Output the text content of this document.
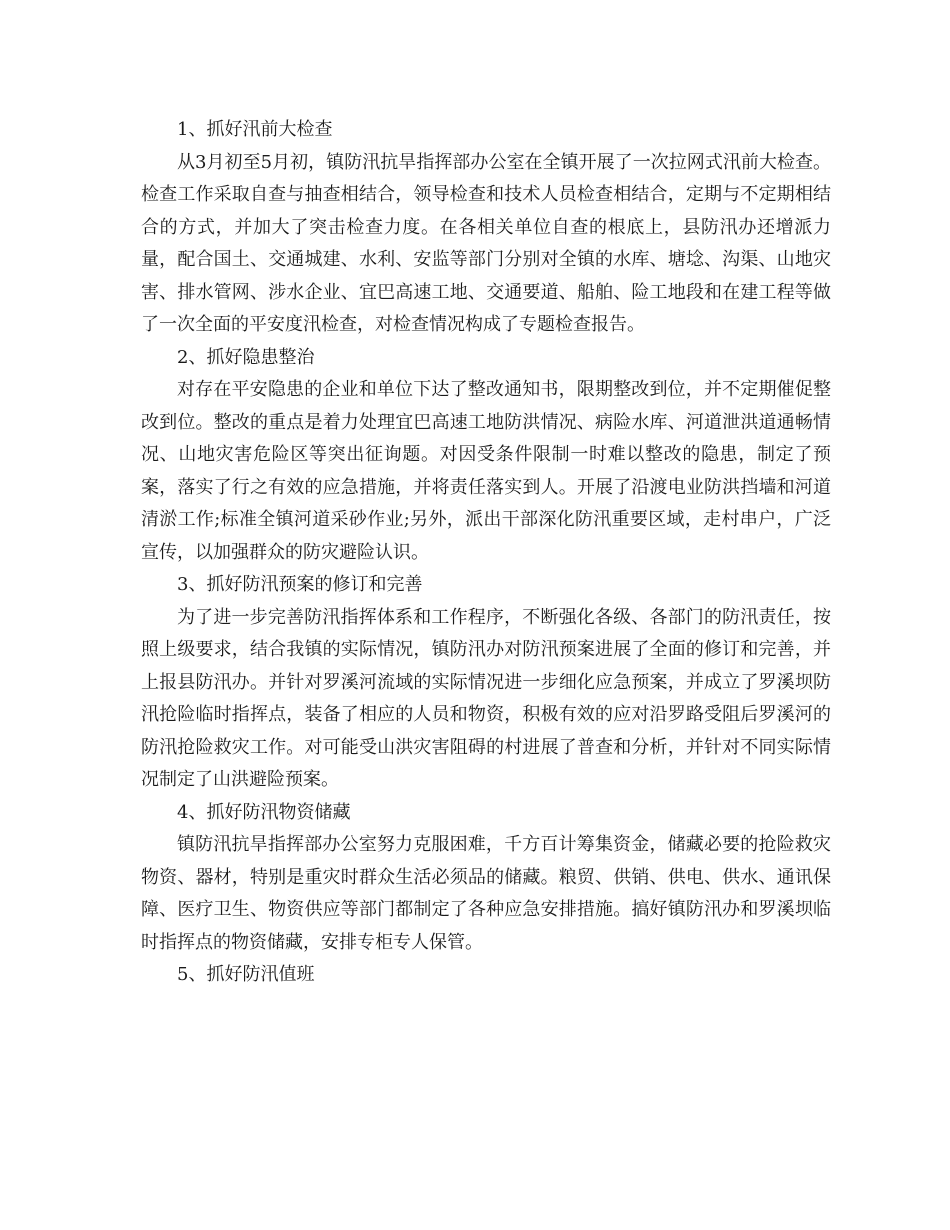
1、抓好汛前大检查

从3月初至5月初，镇防汛抗旱指挥部办公室在全镇开展了一次拉网式汛前大检查。检查工作采取自查与抽查相结合，领导检查和技术人员检查相结合，定期与不定期相结合的方式，并加大了突击检查力度。在各相关单位自查的根底上，县防汛办还增派力量，配合国土、交通城建、水利、安监等部门分别对全镇的水库、塘埝、沟渠、山地灾害、排水管网、涉水企业、宜巴高速工地、交通要道、船舶、险工地段和在建工程等做了一次全面的平安度汛检查，对检查情况构成了专题检查报告。

2、抓好隐患整治

对存在平安隐患的企业和单位下达了整改通知书，限期整改到位，并不定期催促整改到位。整改的重点是着力处理宜巴高速工地防洪情况、病险水库、河道泄洪道通畅情况、山地灾害危险区等突出征询题。对因受条件限制一时难以整改的隐患，制定了预案，落实了行之有效的应急措施，并将责任落实到人。开展了沿渡电业防洪挡墙和河道清淤工作;标准全镇河道采砂作业;另外，派出干部深化防汛重要区域，走村串户，广泛宣传，以加强群众的防灾避险认识。

3、抓好防汛预案的修订和完善

为了进一步完善防汛指挥体系和工作程序，不断强化各级、各部门的防汛责任，按照上级要求，结合我镇的实际情况，镇防汛办对防汛预案进展了全面的修订和完善，并上报县防汛办。并针对罗溪河流域的实际情况进一步细化应急预案，并成立了罗溪坝防汛抢险临时指挥点，装备了相应的人员和物资，积极有效的应对沿罗路受阻后罗溪河的防汛抢险救灾工作。对可能受山洪灾害阻碍的村进展了普查和分析，并针对不同实际情况制定了山洪避险预案。

4、抓好防汛物资储藏

镇防汛抗旱指挥部办公室努力克服困难，千方百计筹集资金，储藏必要的抢险救灾物资、器材，特别是重灾时群众生活必须品的储藏。粮贸、供销、供电、供水、通讯保障、医疗卫生、物资供应等部门都制定了各种应急安排措施。搞好镇防汛办和罗溪坝临时指挥点的物资储藏，安排专柜专人保管。

5、抓好防汛值班
